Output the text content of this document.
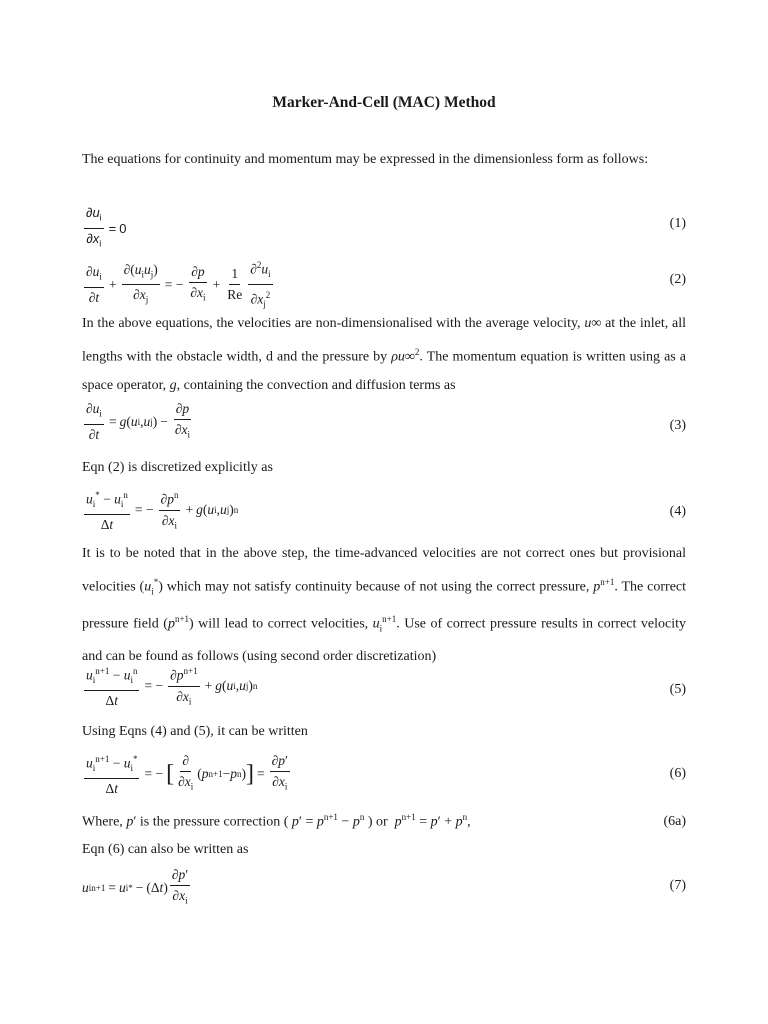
Marker-And-Cell (MAC) Method
The equations for continuity and momentum may be expressed in the dimensionless form as follows:
$\frac{\partial u_i}{\partial x_i} = 0$	(1)
$\frac{\partial u_i}{\partial t} + \frac{\partial(u_iu_j)}{\partial x_j}$ = − $\frac{\partial p}{\partial x_i} + \frac{1}{Re} \frac{\partial^2u_i}{\partial x_j^2}$	(2)
In the above equations, the velocities are non-dimensionalised with the average velocity, u∞ at the inlet, all lengths with the obstacle width, d and the pressure by ρu∞$^2$. The momentum equation is written using as a space operator, g, containing the convection and diffusion terms as
$\frac{\partial u_i}{\partial t} = g$ ( u i , u j ) − $\frac{\partial p}{\partial x_i}$	(3)
Eqn (2) is discretized explicitly as
$\frac{u_i^* - u_i^n}{\Delta t}$ = − $\frac{\partial p^n}{\partial x_i} + g$ ( u i , u j ) n	(4)
It is to be noted that in the above step, the time-advanced velocities are not correct ones but provisional velocities $(u_i^*)$ which may not satisfy continuity because of not using the correct pressure, $p^{n+1}$. The correct pressure field $(p^{n+1})$ will lead to correct velocities, $u_i^{n+1}$. Use of correct pressure results in correct velocity and can be found as follows (using second order discretization)
$\frac{u_i^{n+1} - u_i^n}{\Delta t}$ = − $\frac{\partial p^{n+1}}{\partial x_i} + g$ ( u i , u j ) n	(5)
Using Eqns (4) and (5), it can be written
$\frac{u_i^{n+1} - u_i^*}{\Delta t}$ = − [ $\frac{\partial}{\partial x_i}$ ( p n+1 − p n ) ] = $\frac{\partial p'}{\partial x_i}$	(6)
Where, p′ is the pressure correction ( $p' = p^{n+1} - p^n$ ) or $p^{n+1} = p' + p^n$,	(6a)
Eqn (6) can also be written as
u i n+1 = u i * − (Δ t ) $\frac{\partial p'}{\partial x_i}$	(7)
